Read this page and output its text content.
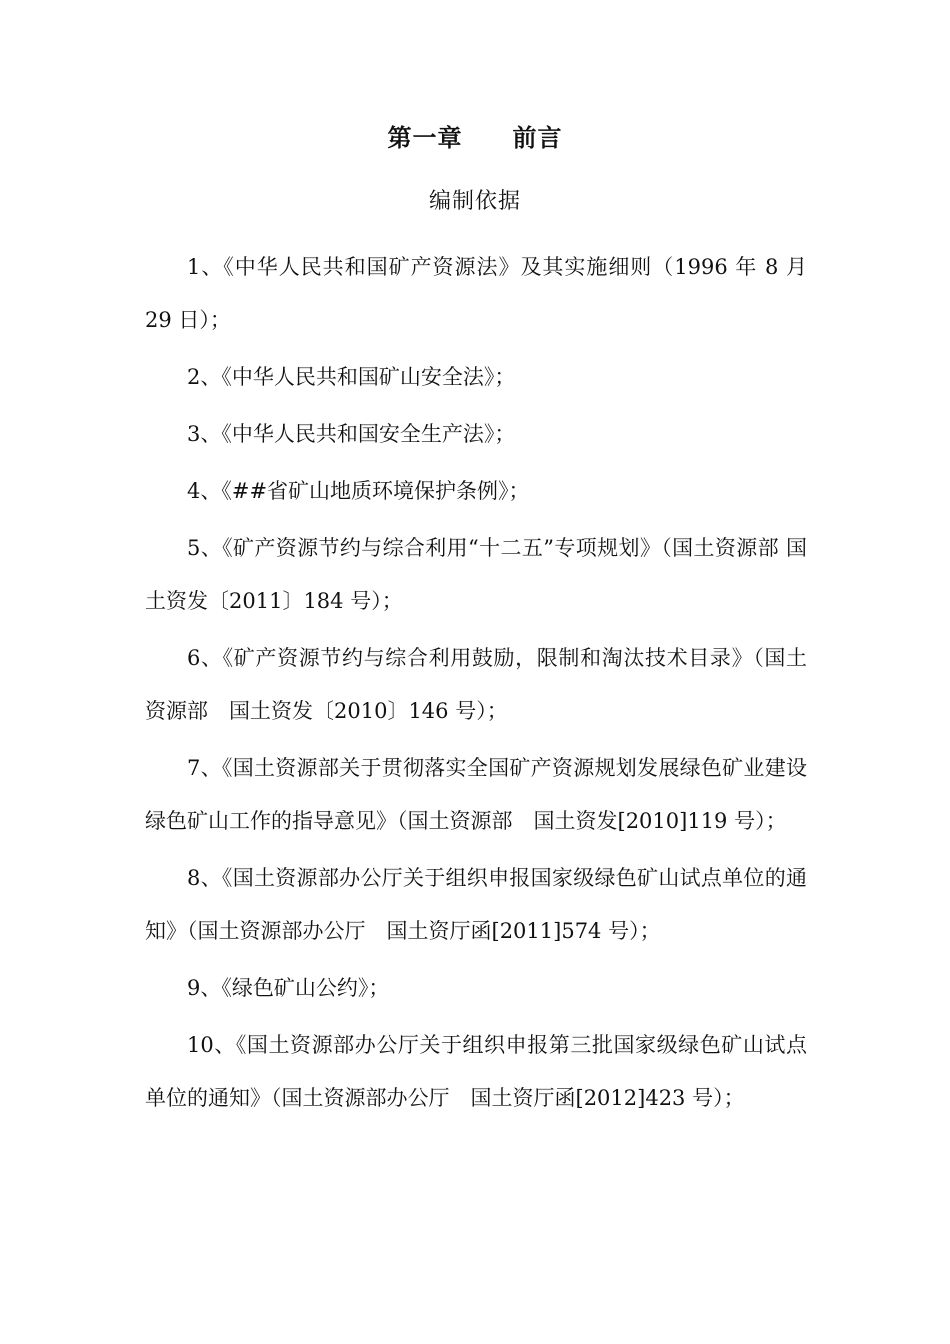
第一章　　前言
编制依据

1、《中华人民共和国矿产资源法》及其实施细则（1996 年 8 月 29 日）；

2、《中华人民共和国矿山安全法》；

3、《中华人民共和国安全生产法》；

4、《##省矿山地质环境保护条例》；

5、《矿产资源节约与综合利用“十二五”专项规划》（国土资源部 国土资发〔2011〕184 号）；

6、《矿产资源节约与综合利用鼓励，限制和淘汰技术目录》（国土资源部　国土资发〔2010〕146 号）；

7、《国土资源部关于贯彻落实全国矿产资源规划发展绿色矿业建设绿色矿山工作的指导意见》（国土资源部　国土资发[2010]119 号）；

8、《国土资源部办公厅关于组织申报国家级绿色矿山试点单位的通知》（国土资源部办公厅　国土资厅函[2011]574 号）；

9、《绿色矿山公约》；

10、《国土资源部办公厅关于组织申报第三批国家级绿色矿山试点单位的通知》（国土资源部办公厅　国土资厅函[2012]423 号）；
